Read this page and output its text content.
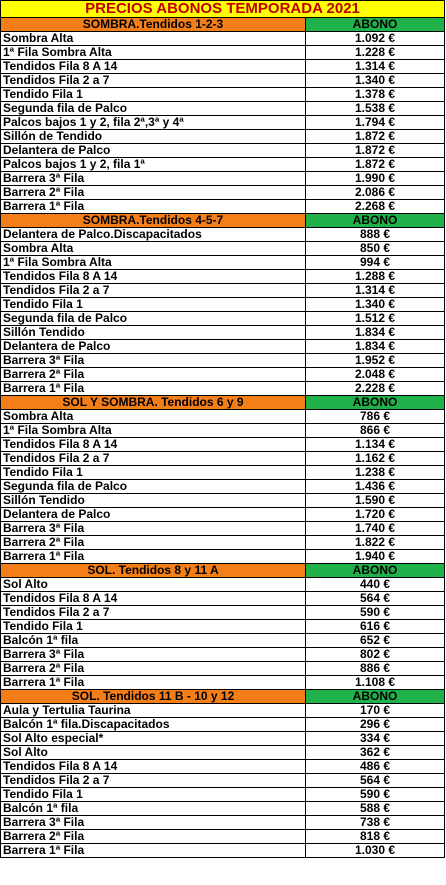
PRECIOS ABONOS TEMPORADA 2021	
SOMBRA.Tendidos 1-2-3	ABONO
Sombra Alta	1.092 €
1ª Fila Sombra Alta	1.228 €
Tendidos Fila 8 A 14	1.314 €
Tendidos Fila 2 a 7	1.340 €
Tendido Fila 1	1.378 €
Segunda fila de Palco	1.538 €
Palcos bajos 1 y 2, fila 2ª,3ª y 4ª	1.794 €
Sillón de Tendido	1.872 €
Delantera de Palco	1.872 €
Palcos bajos 1 y 2, fila 1ª	1.872 €
Barrera 3ª Fila	1.990 €
Barrera 2ª Fila	2.086 €
Barrera 1ª Fila	2.268 €
SOMBRA.Tendidos 4-5-7	ABONO
Delantera de Palco.Discapacitados	888 €
Sombra Alta	850 €
1ª Fila Sombra Alta	994 €
Tendidos Fila 8 A 14	1.288 €
Tendidos Fila 2 a 7	1.314 €
Tendido Fila 1	1.340 €
Segunda fila de Palco	1.512 €
Sillón Tendido	1.834 €
Delantera de Palco	1.834 €
Barrera 3ª Fila	1.952 €
Barrera 2ª Fila	2.048 €
Barrera 1ª Fila	2.228 €
SOL Y SOMBRA. Tendidos 6 y 9	ABONO
Sombra Alta	786 €
1ª Fila Sombra Alta	866 €
Tendidos Fila 8 A 14	1.134 €
Tendidos Fila 2 a 7	1.162 €
Tendido Fila 1	1.238 €
Segunda fila de Palco	1.436 €
Sillón Tendido	1.590 €
Delantera de Palco	1.720 €
Barrera 3ª Fila	1.740 €
Barrera 2ª Fila	1.822 €
Barrera 1ª Fila	1.940 €
SOL. Tendidos 8 y 11 A	ABONO
Sol Alto	440 €
Tendidos Fila 8 A 14	564 €
Tendidos Fila 2 a 7	590 €
Tendido Fila 1	616 €
Balcón 1ª fila	652 €
Barrera 3ª Fila	802 €
Barrera 2ª Fila	886 €
Barrera 1ª Fila	1.108 €
SOL. Tendidos 11 B - 10 y 12	ABONO
Aula y Tertulia Taurina	170 €
Balcón 1ª fila.Discapacitados	296 €
Sol Alto especial*	334 €
Sol Alto	362 €
Tendidos Fila 8 A 14	486 €
Tendidos Fila 2 a 7	564 €
Tendido Fila 1	590 €
Balcón 1ª fila	588 €
Barrera 3ª Fila	738 €
Barrera 2ª Fila	818 €
Barrera 1ª Fila	1.030 €
